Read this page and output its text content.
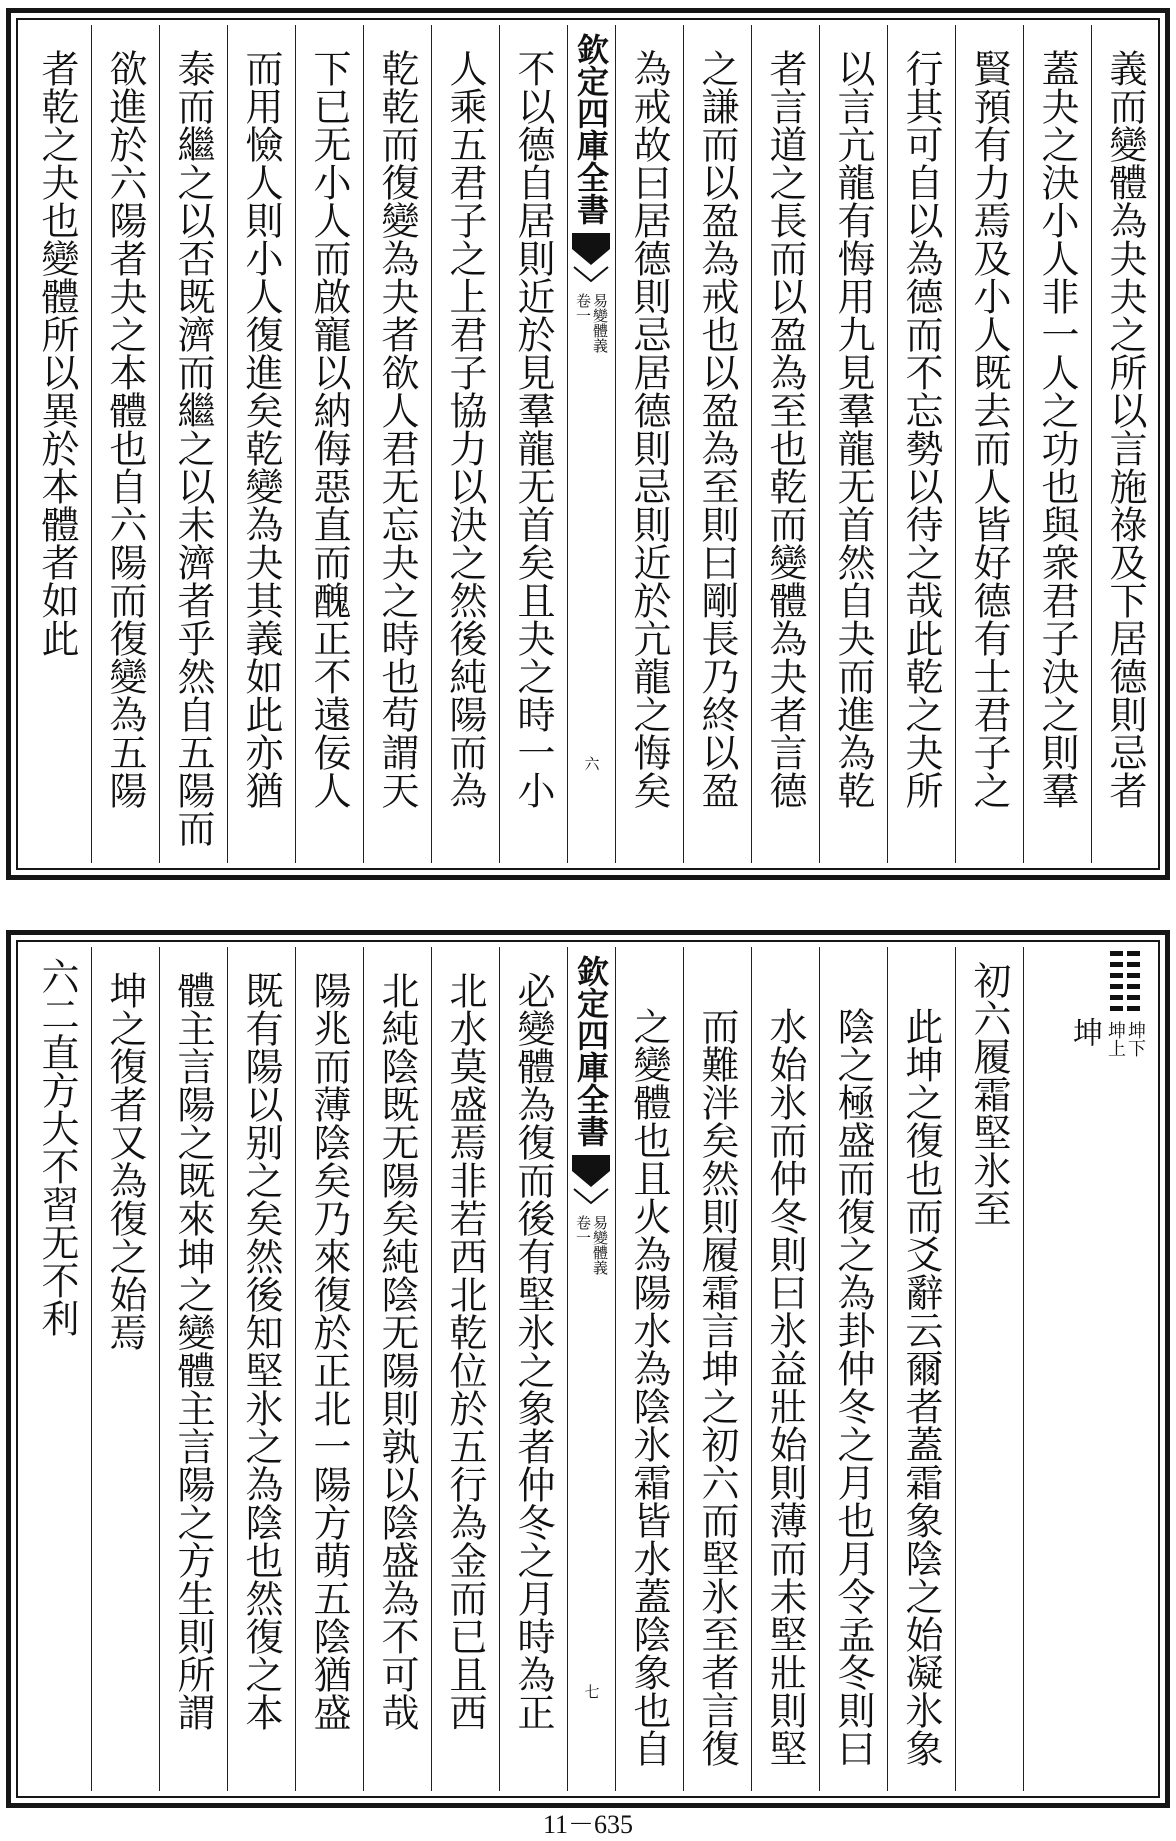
義而變體為夬夬之所以言施祿及下居德則忌者
蓋夬之決小人非一人之功也與衆君子決之則羣
賢預有力焉及小人既去而人皆好德有士君子之
行其可自以為德而不忘勢以待之哉此乾之夬所
以言亢龍有悔用九見羣龍无首然自夬而進為乾
者言道之長而以盈為至也乾而變體為夬者言德
之謙而以盈為戒也以盈為至則曰剛長乃終以盈
為戒故曰居德則忌居德則忌則近於亢龍之悔矣
欽定四庫全書
易變體義
卷一
六
不以德自居則近於見羣龍无首矣且夬之時一小
人乘五君子之上君子協力以決之然後純陽而為
乾乾而復變為夬者欲人君无忘夬之時也苟謂天
下已无小人而啟寵以納侮惡直而醜正不遠佞人
而用憸人則小人復進矣乾變為夬其義如此亦猶
泰而繼之以否既濟而繼之以未濟者乎然自五陽而
欲進於六陽者夬之本體也自六陽而復變為五陽
者乾之夬也變體所以異於本體者如此
坤下
坤上
坤
初六履霜堅氷至
此坤之復也而爻辭云爾者蓋霜象陰之始凝氷象
陰之極盛而復之為卦仲冬之月也月令孟冬則曰
水始氷而仲冬則曰氷益壯始則薄而未堅壯則堅
而難泮矣然則履霜言坤之初六而堅氷至者言復
之變體也且火為陽水為陰氷霜皆水蓋陰象也自
欽定四庫全書
易變體義
卷一
七
必變體為復而後有堅氷之象者仲冬之月時為正
北水莫盛焉非若西北乾位於五行為金而已且西
北純陰既无陽矣純陰无陽則孰以陰盛為不可哉
陽兆而薄陰矣乃來復於正北一陽方萌五陰猶盛
既有陽以别之矣然後知堅氷之為陰也然復之本
體主言陽之既來坤之變體主言陽之方生則所謂
坤之復者又為復之始焉
六二直方大不習无不利
11－635
